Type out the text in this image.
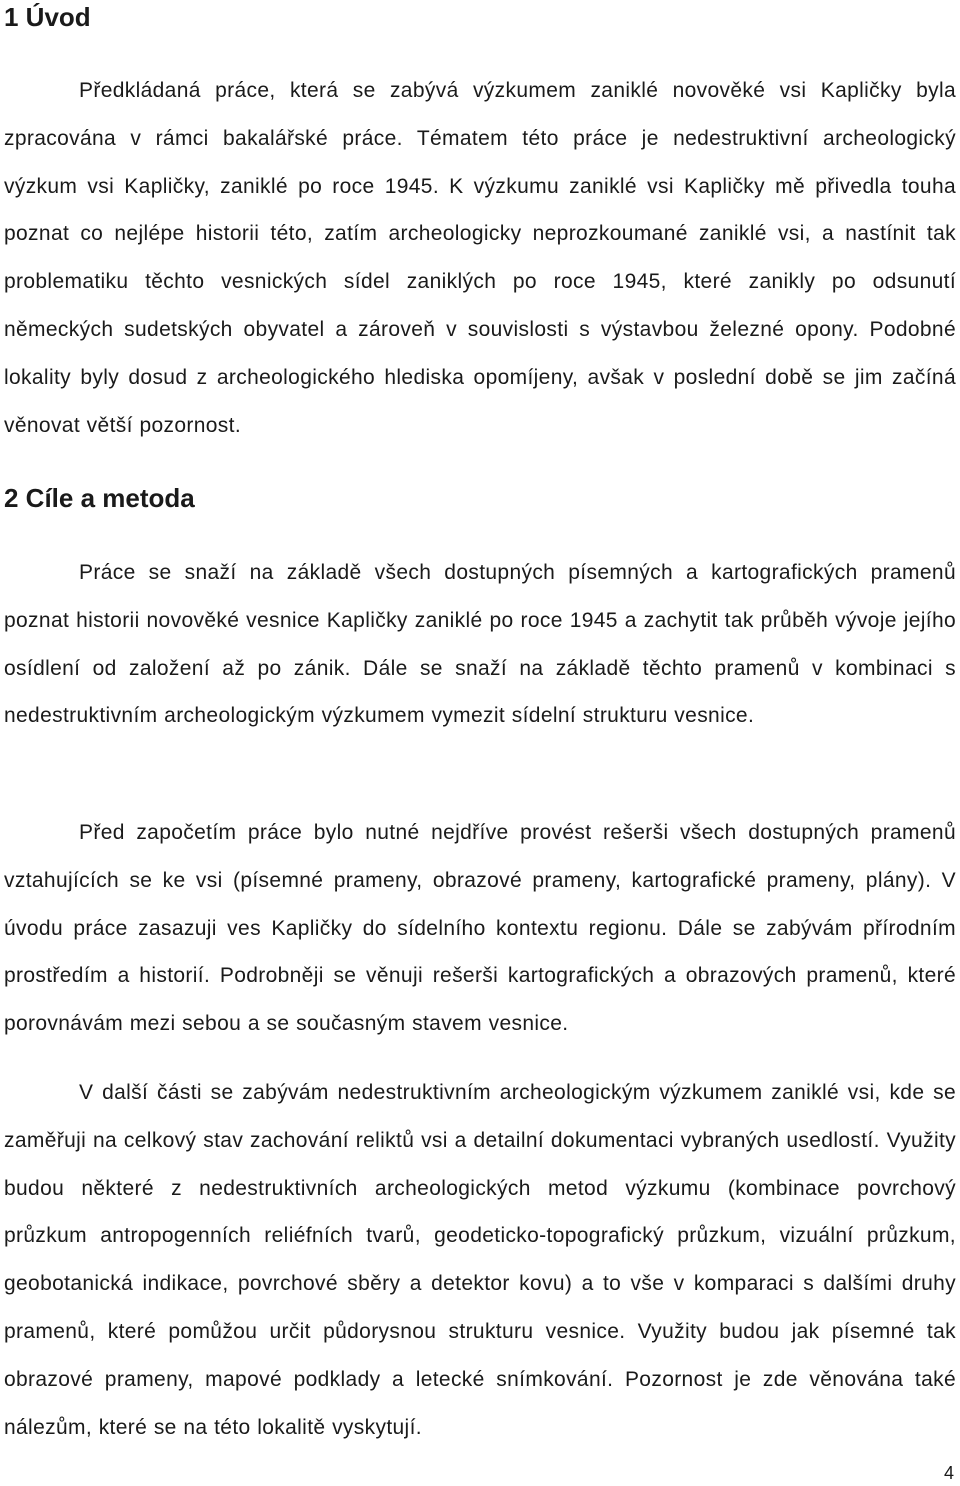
1 Úvod

Předkládaná práce, která se zabývá výzkumem zaniklé novověké vsi Kapličky byla zpracována v rámci bakalářské práce. Tématem této práce je nedestruktivní archeologický výzkum vsi Kapličky, zaniklé po roce 1945. K výzkumu zaniklé vsi Kapličky mě přivedla touha poznat co nejlépe historii této, zatím archeologicky neprozkoumané zaniklé vsi, a nastínit tak problematiku těchto vesnických sídel zaniklých po roce 1945, které zanikly po odsunutí německých sudetských obyvatel a zároveň v souvislosti s výstavbou železné opony. Podobné lokality byly dosud z archeologického hlediska opomíjeny, avšak v poslední době se jim začíná věnovat větší pozornost.

2 Cíle a metoda

Práce se snaží na základě všech dostupných písemných a kartografických pramenů poznat historii novověké vesnice Kapličky zaniklé po roce 1945 a zachytit tak průběh vývoje jejího osídlení od založení až po zánik. Dále se snaží na základě těchto pramenů v kombinaci s nedestruktivním archeologickým výzkumem vymezit sídelní strukturu vesnice.

Před započetím práce bylo nutné nejdříve provést rešerši všech dostupných pramenů vztahujících se ke vsi (písemné prameny, obrazové prameny, kartografické prameny, plány). V úvodu práce zasazuji ves Kapličky do sídelního kontextu regionu. Dále se zabývám přírodním prostředím a historií. Podrobněji se věnuji rešerši kartografických a obrazových pramenů, které porovnávám mezi sebou a se současným stavem vesnice.

V další části se zabývám nedestruktivním archeologickým výzkumem zaniklé vsi, kde se zaměřuji na celkový stav zachování reliktů vsi a detailní dokumentaci vybraných usedlostí. Využity budou některé z nedestruktivních archeologických metod výzkumu (kombinace povrchový průzkum antropogenních reliéfních tvarů, geodeticko-topografický průzkum, vizuální průzkum, geobotanická indikace, povrchové sběry a detektor kovu) a to vše v komparaci s dalšími druhy pramenů, které pomůžou určit půdorysnou strukturu vesnice. Využity budou jak písemné tak obrazové prameny, mapové podklady a letecké snímkování. Pozornost je zde věnována také nálezům, které se na této lokalitě vyskytují.

4
